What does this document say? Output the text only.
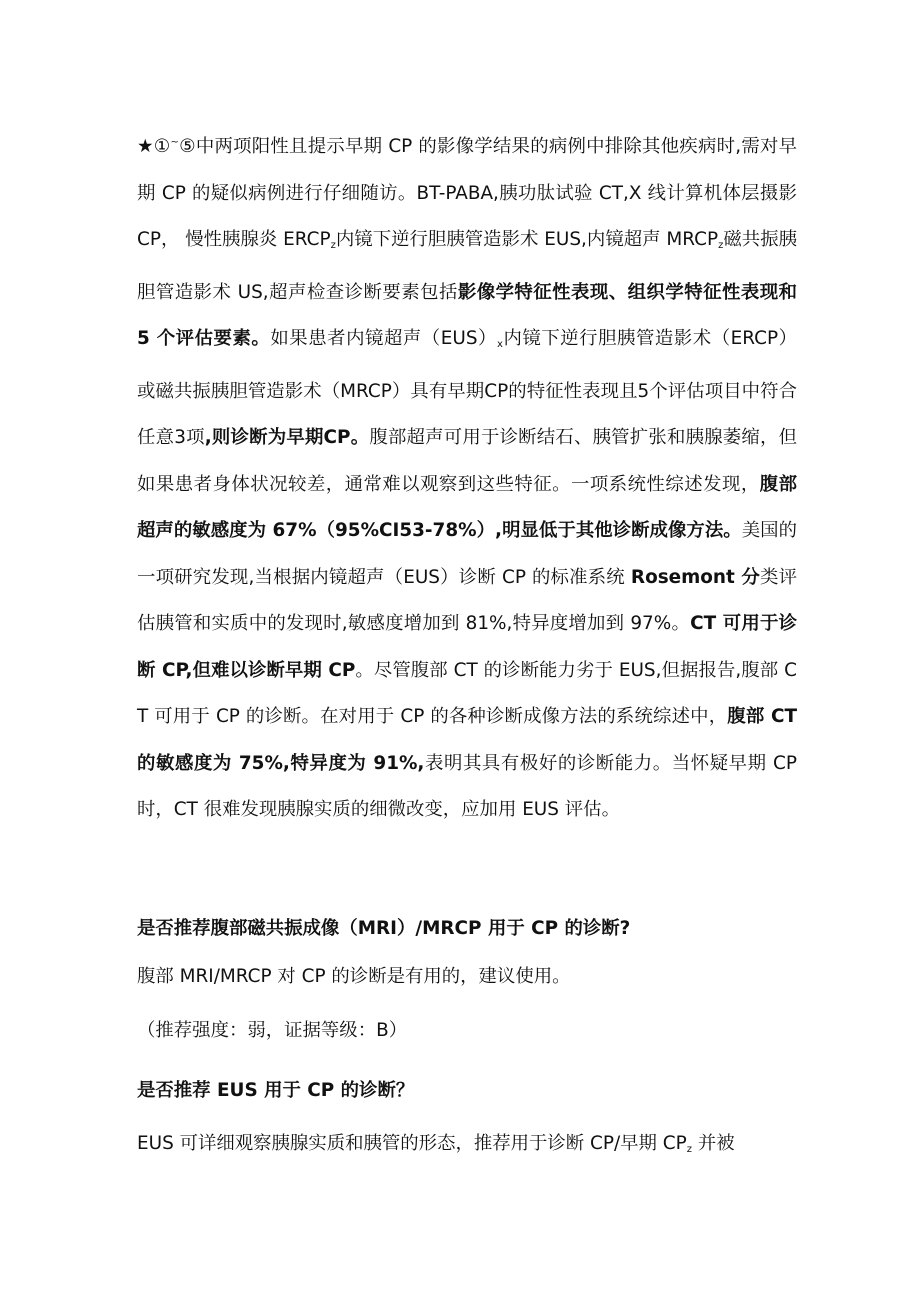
★①~⑤中两项阳性且提示早期 CP 的影像学结果的病例中排除其他疾病时,需对早期 CP 的疑似病例进行仔细随访。BT-PABA,胰功肽试验 CT,X 线计算机体层摄影 CP， 慢性胰腺炎 $ERCP_z$内镜下逆行胆胰管造影术 EUS,内镜超声 $MRCP_z$磁共振胰胆管造影术 US,超声检查诊断要素包括影像学特征性表现、组织学特征性表现和 5 个评估要素。如果患者内镜超声$(EUS)_x$内镜下逆行胆胰管造影术（ERCP）或磁共振胰胆管造影术（MRCP）具有早期CP的特征性表现且5个评估项目中符合任意3项,则诊断为早期CP。腹部超声可用于诊断结石、胰管扩张和胰腺萎缩，但如果患者身体状况较差，通常难以观察到这些特征。一项系统性综述发现，腹部超声的敏感度为 67%（95%CI53-78%）,明显低于其他诊断成像方法。美国的一项研究发现,当根据内镜超声（EUS）诊断 CP 的标准系统 Rosemont 分类评估胰管和实质中的发现时,敏感度增加到 81%,特异度增加到 97%。CT 可用于诊断 CP,但难以诊断早期 CP。尽管腹部 CT 的诊断能力劣于 EUS,但据报告,腹部 CT 可用于 CP 的诊断。在对用于 CP 的各种诊断成像方法的系统综述中，腹部 CT 的敏感度为 75%,特异度为 91%,表明其具有极好的诊断能力。当怀疑早期 CP 时，CT 很难发现胰腺实质的细微改变，应加用 EUS 评估。

是否推荐腹部磁共振成像（MRI）/MRCP 用于 CP 的诊断?

腹部 MRI/MRCP 对 CP 的诊断是有用的，建议使用。

（推荐强度：弱，证据等级：B）

是否推荐 EUS 用于 CP 的诊断？

EUS 可详细观察胰腺实质和胰管的形态，推荐用于诊断 CP/早期 $CP_z$ 并被
